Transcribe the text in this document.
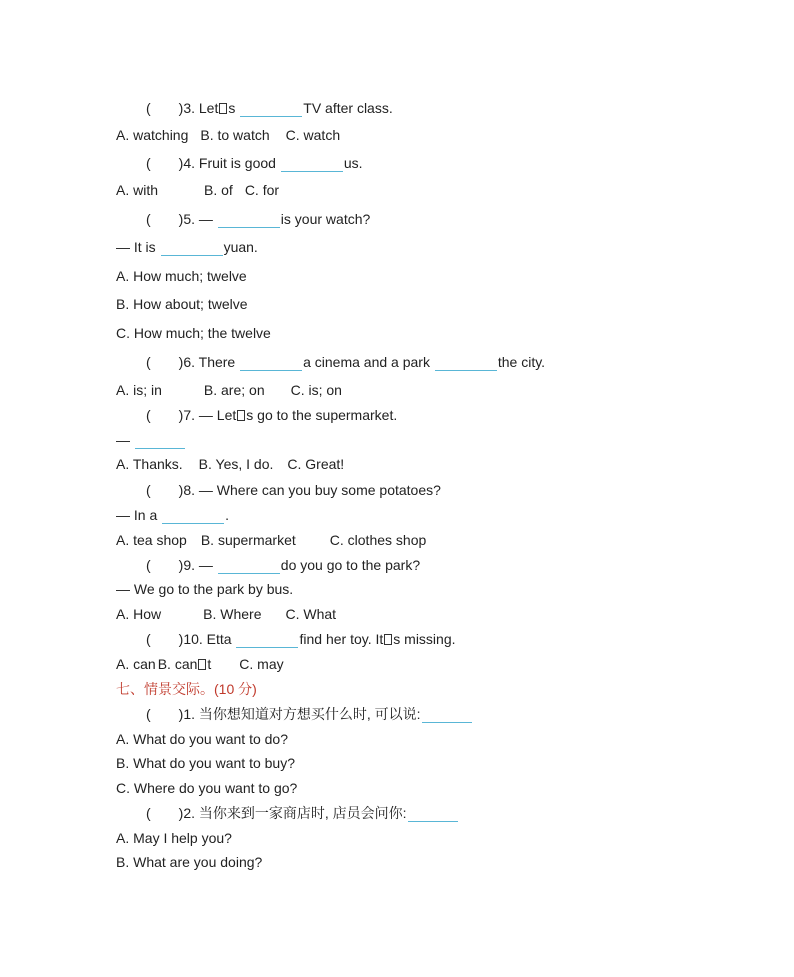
( )3. Let s	TV after class.
A. watching B. to watch C. watch
( )4. Fruit is good	us.
A. with	B. of C. for
( )5. —	is your watch?
— It is	yuan.
A. How much; twelve
B. How about; twelve
C. How much; the twelve
( )6. There	a cinema and a park	the city.
A. is; in	B. are; on C. is; on
( )7. — Let s go to the supermarket.
—
A. Thanks. B. Yes, I do. C. Great!
( )8. — Where can you buy some potatoes?
— In a	.
A. tea shop B. supermarket C. clothes shop
( )9. —	do you go to the park?
— We go to the park by bus.
A. How	B. Where C. What
( )10. Etta	find her toy. It s missing.
A. can B. can t C. may
七、情景交际。(10 分)
( )1. 当你想知道对方想买什么时, 可以说:
A. What do you want to do?
B. What do you want to buy?
C. Where do you want to go?
( )2. 当你来到一家商店时, 店员会问你:
A. May I help you?
B. What are you doing?
